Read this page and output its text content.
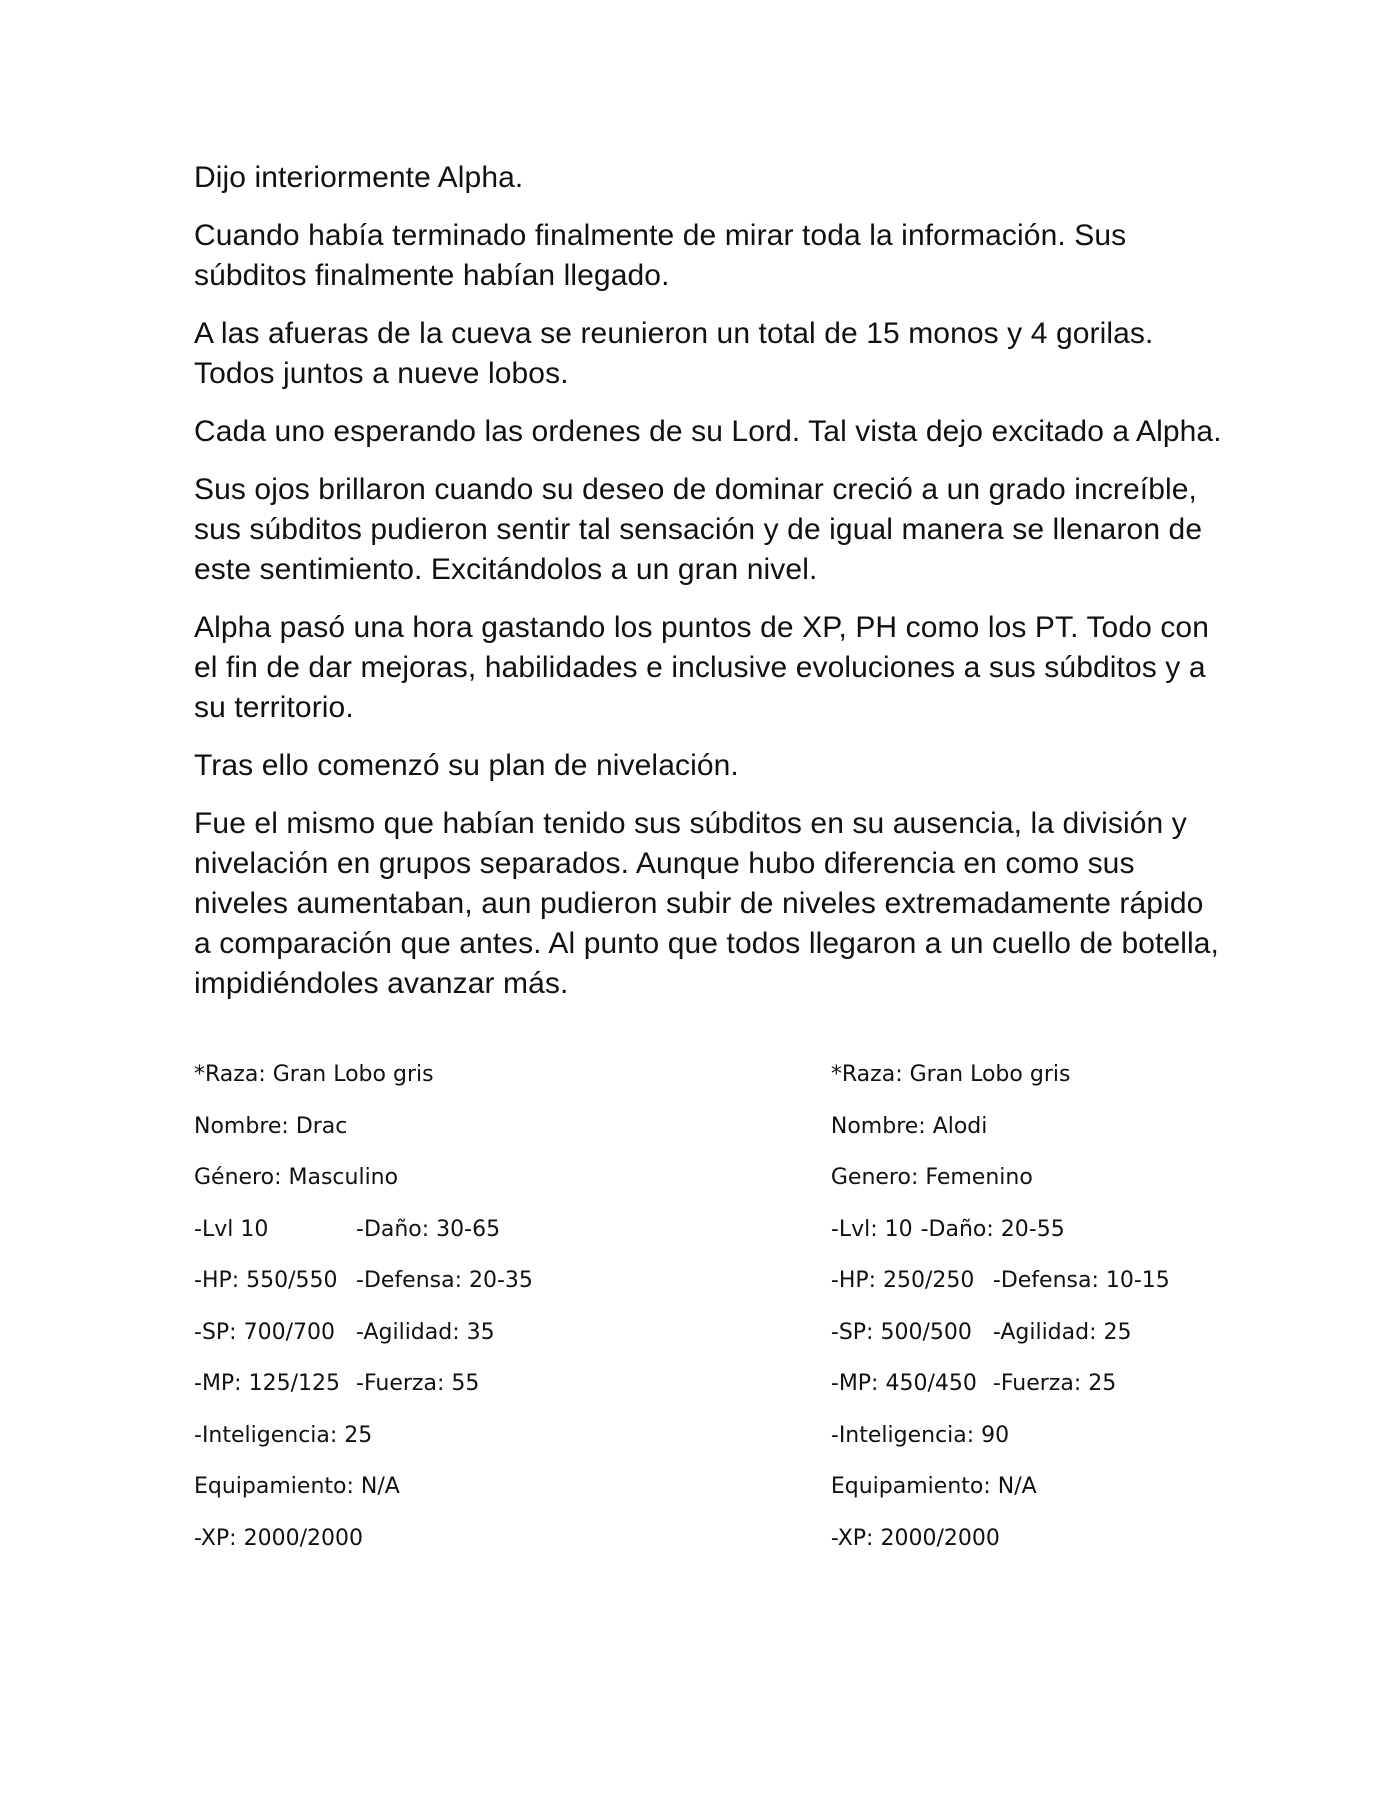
Dijo interiormente Alpha.

Cuando había terminado finalmente de mirar toda la información. Sus súbditos finalmente habían llegado.

A las afueras de la cueva se reunieron un total de 15 monos y 4 gorilas. Todos juntos a nueve lobos.

Cada uno esperando las ordenes de su Lord. Tal vista dejo excitado a Alpha.

Sus ojos brillaron cuando su deseo de dominar creció a un grado increíble, sus súbditos pudieron sentir tal sensación y de igual manera se llenaron de este sentimiento. Excitándolos a un gran nivel.

Alpha pasó una hora gastando los puntos de XP, PH como los PT. Todo con el fin de dar mejoras, habilidades e inclusive evoluciones a sus súbditos y a su territorio.

Tras ello comenzó su plan de nivelación.

Fue el mismo que habían tenido sus súbditos en su ausencia, la división y nivelación en grupos separados. Aunque hubo diferencia en como sus niveles aumentaban, aun pudieron subir de niveles extremadamente rápido a comparación que antes. Al punto que todos llegaron a un cuello de botella, impidiéndoles avanzar más.

*Raza: Gran Lobo gris
Nombre: Drac
Género: Masculino
-Lvl 10	-Daño: 30-65
-HP: 550/550 -Defensa: 20-35
-SP: 700/700 -Agilidad: 35
-MP: 125/125 -Fuerza: 55
-Inteligencia: 25
Equipamiento: N/A
-XP: 2000/2000
*Raza: Gran Lobo gris
Nombre: Alodi
Genero: Femenino
-Lvl: 10 -Daño: 20-55
-HP: 250/250 -Defensa: 10-15
-SP: 500/500 -Agilidad: 25
-MP: 450/450 -Fuerza: 25
-Inteligencia: 90
Equipamiento: N/A
-XP: 2000/2000
